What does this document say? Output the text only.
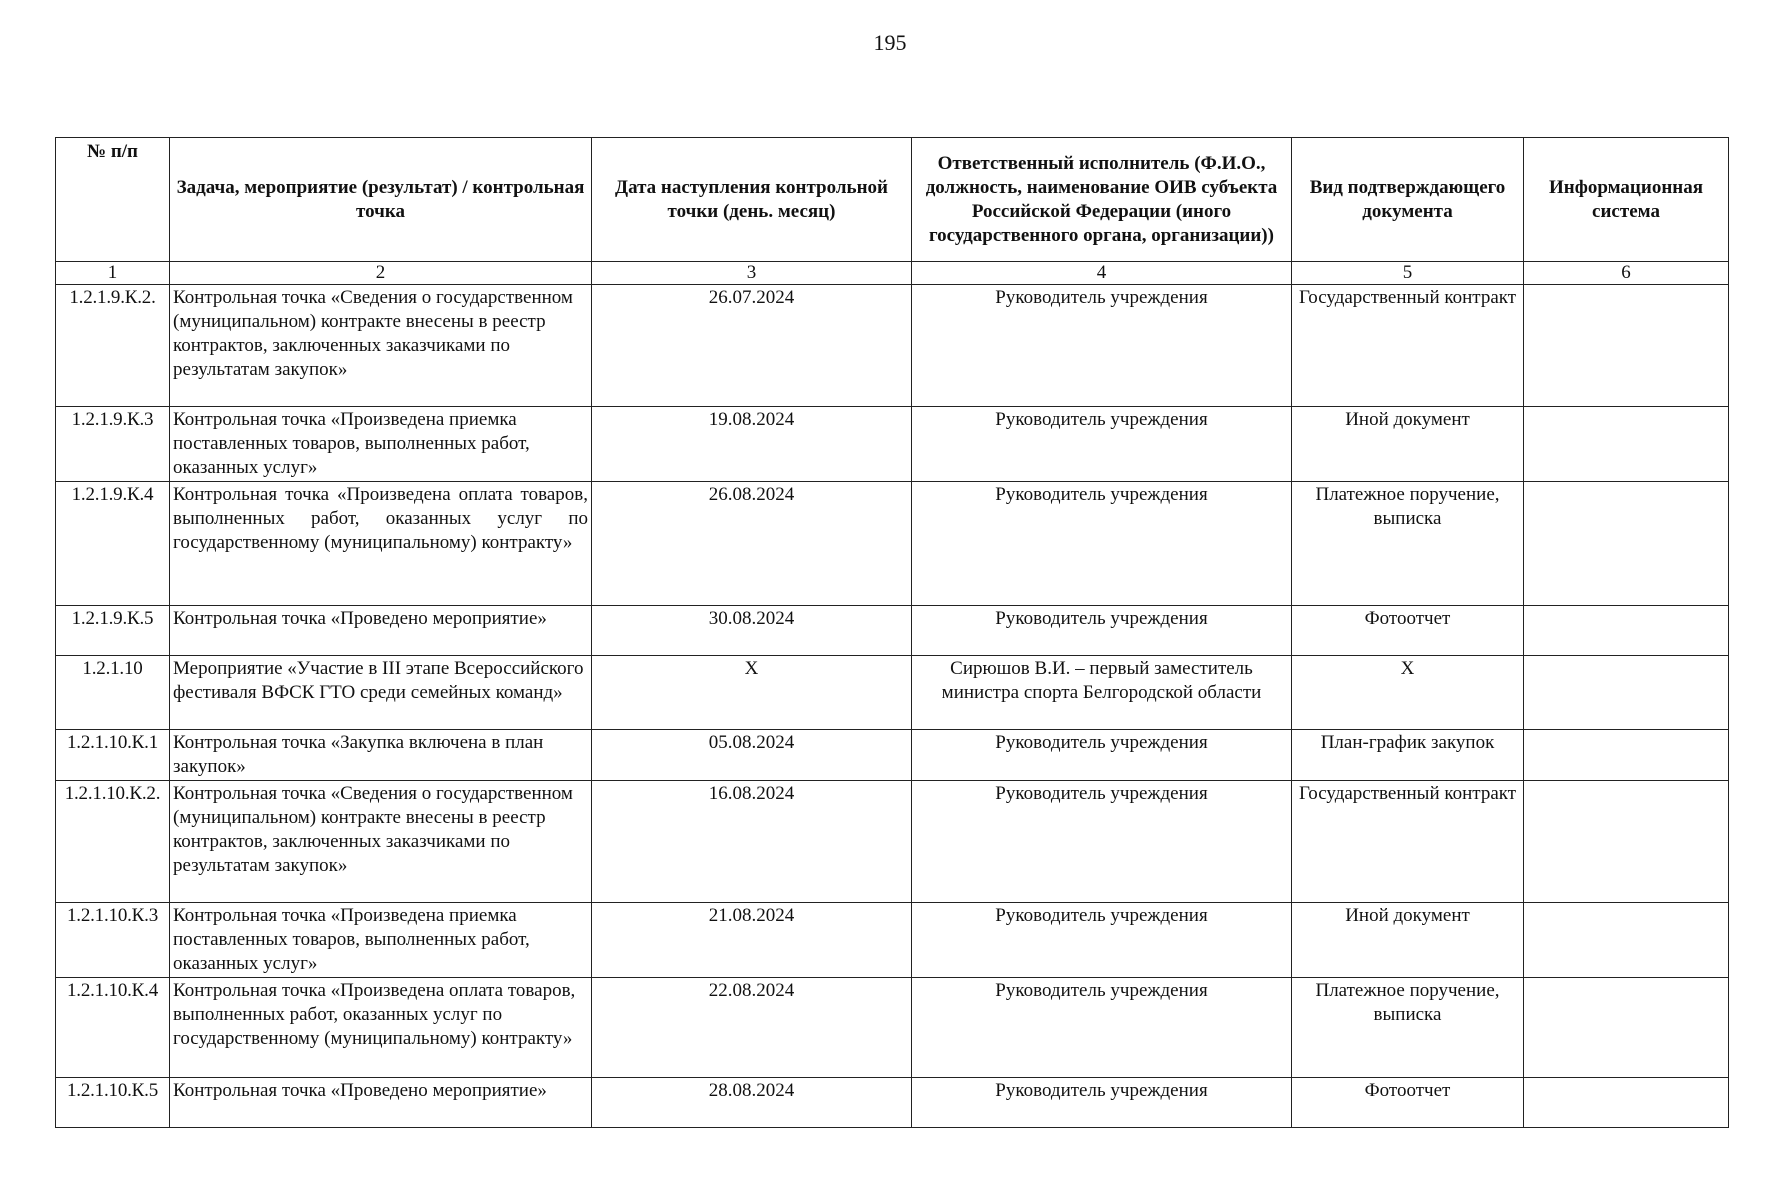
195
№ п/п	Задача, мероприятие (результат) / контрольная точка	Дата наступления контрольной точки (день. месяц)	Ответственный исполнитель (Ф.И.О., должность, наименование ОИВ субъекта Российской Федерации (иного государственного органа, организации))	Вид подтверждающего документа	Информационная система
1	2	3	4	5	6
1.2.1.9.К.2.	Контрольная точка «Сведения о государственном (муниципальном) контракте внесены в реестр контрактов, заключенных заказчиками по результатам закупок»	26.07.2024	Руководитель учреждения	Государственный контракт	
1.2.1.9.К.3	Контрольная точка «Произведена приемка поставленных товаров, выполненных работ, оказанных услуг»	19.08.2024	Руководитель учреждения	Иной документ	
1.2.1.9.К.4	Контрольная точка «Произведена оплата товаров, выполненных работ, оказанных услуг по государственному (муниципальному) контракту»	26.08.2024	Руководитель учреждения	Платежное поручение, выписка	
1.2.1.9.К.5	Контрольная точка «Проведено мероприятие»	30.08.2024	Руководитель учреждения	Фотоотчет	
1.2.1.10	Мероприятие «Участие в III этапе Всероссийского фестиваля ВФСК ГТО среди семейных команд»	Х	Сирюшов В.И. – первый заместитель министра спорта Белгородской области	Х	
1.2.1.10.К.1	Контрольная точка «Закупка включена в план закупок»	05.08.2024	Руководитель учреждения	План-график закупок	
1.2.1.10.К.2.	Контрольная точка «Сведения о государственном (муниципальном) контракте внесены в реестр контрактов, заключенных заказчиками по результатам закупок»	16.08.2024	Руководитель учреждения	Государственный контракт	
1.2.1.10.К.3	Контрольная точка «Произведена приемка поставленных товаров, выполненных работ, оказанных услуг»	21.08.2024	Руководитель учреждения	Иной документ	
1.2.1.10.К.4	Контрольная точка «Произведена оплата товаров, выполненных работ, оказанных услуг по государственному (муниципальному) контракту»	22.08.2024	Руководитель учреждения	Платежное поручение, выписка	
1.2.1.10.К.5	Контрольная точка «Проведено мероприятие»	28.08.2024	Руководитель учреждения	Фотоотчет	
